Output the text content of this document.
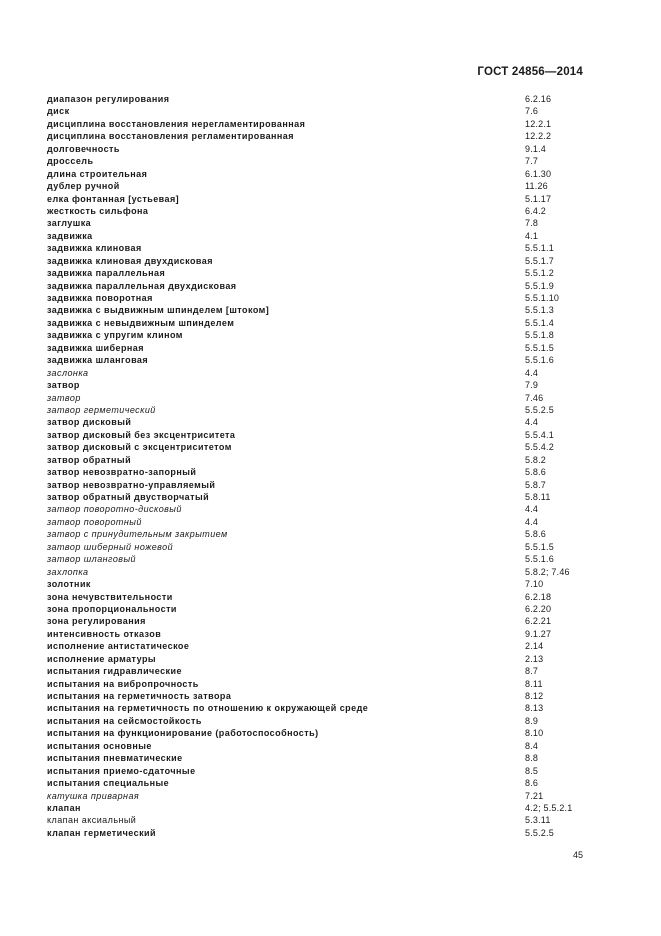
ГОСТ 24856—2014
диапазон регулирования	6.2.16
диск	7.6
дисциплина восстановления нерегламентированная	12.2.1
дисциплина восстановления регламентированная	12.2.2
долговечность	9.1.4
дроссель	7.7
длина строительная	6.1.30
дублер ручной	11.26
елка фонтанная [устьевая]	5.1.17
жесткость сильфона	6.4.2
заглушка	7.8
задвижка	4.1
задвижка клиновая	5.5.1.1
задвижка клиновая двухдисковая	5.5.1.7
задвижка параллельная	5.5.1.2
задвижка параллельная двухдисковая	5.5.1.9
задвижка поворотная	5.5.1.10
задвижка с выдвижным шпинделем [штоком]	5.5.1.3
задвижка с невыдвижным шпинделем	5.5.1.4
задвижка с упругим клином	5.5.1.8
задвижка шиберная	5.5.1.5
задвижка шланговая	5.5.1.6
заслонка	4.4
затвор	7.9
затвор	7.46
затвор герметический	5.5.2.5
затвор дисковый	4.4
затвор дисковый без эксцентриситета	5.5.4.1
затвор дисковый с эксцентриситетом	5.5.4.2
затвор обратный	5.8.2
затвор невозвратно-запорный	5.8.6
затвор невозвратно-управляемый	5.8.7
затвор обратный двустворчатый	5.8.11
затвор поворотно-дисковый	4.4
затвор поворотный	4.4
затвор с принудительным закрытием	5.8.6
затвор шиберный ножевой	5.5.1.5
затвор шланговый	5.5.1.6
захлопка	5.8.2; 7.46
золотник	7.10
зона нечувствительности	6.2.18
зона пропорциональности	6.2.20
зона регулирования	6.2.21
интенсивность отказов	9.1.27
исполнение антистатическое	2.14
исполнение арматуры	2.13
испытания гидравлические	8.7
испытания на вибропрочность	8.11
испытания на герметичность затвора	8.12
испытания на герметичность по отношению к окружающей среде	8.13
испытания на сейсмостойкость	8.9
испытания на функционирование (работоспособность)	8.10
испытания основные	8.4
испытания пневматические	8.8
испытания приемо-сдаточные	8.5
испытания специальные	8.6
катушка приварная	7.21
клапан	4.2; 5.5.2.1
клапан аксиальный	5.3.11
клапан герметический	5.5.2.5
45
